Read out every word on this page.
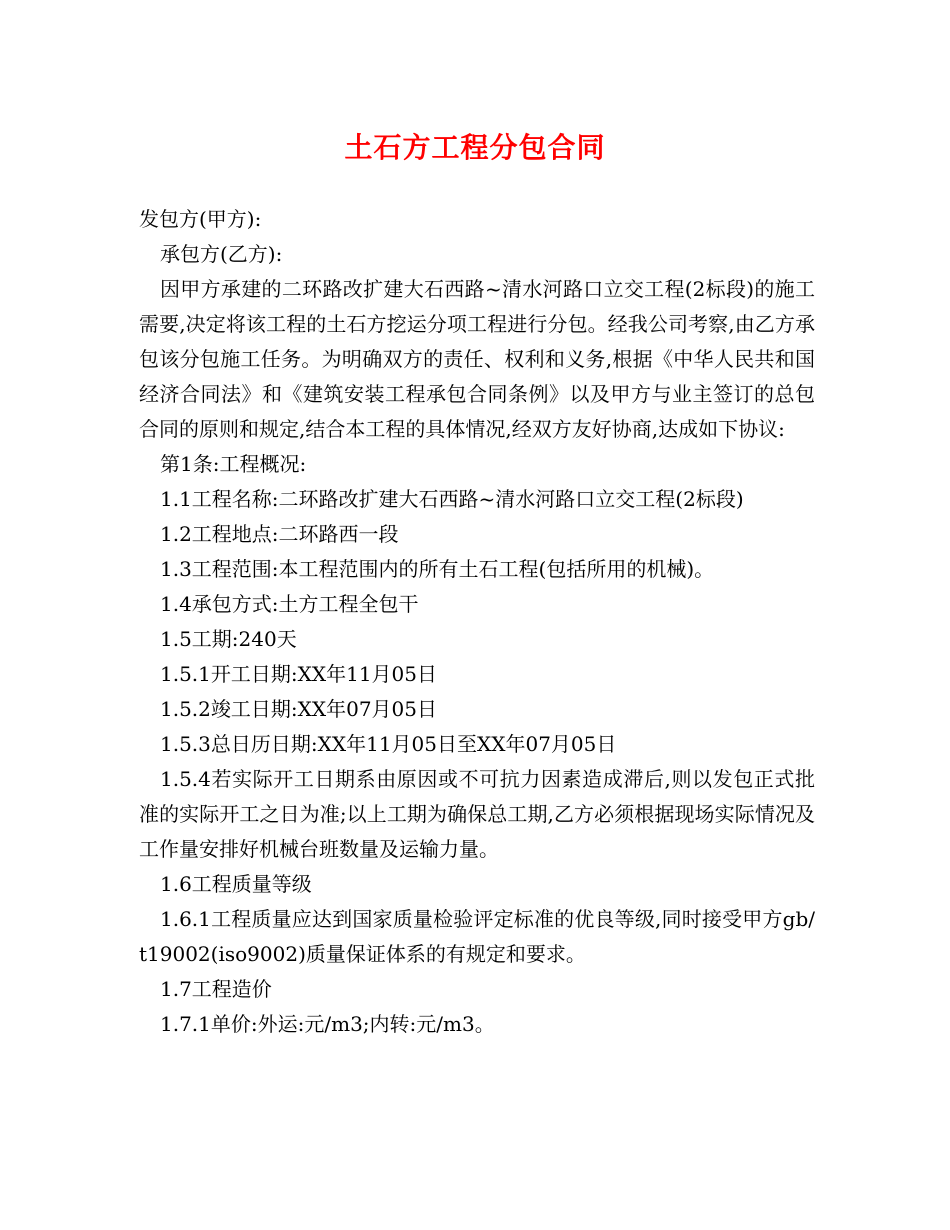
土石方工程分包合同

发包方(甲方):

承包方(乙方):

因甲方承建的二环路改扩建大石西路~清水河路口立交工程(2标段)的施工需要,决定将该工程的土石方挖运分项工程进行分包。经我公司考察,由乙方承包该分包施工任务。为明确双方的责任、权利和义务,根据《中华人民共和国经济合同法》和《建筑安装工程承包合同条例》以及甲方与业主签订的总包合同的原则和规定,结合本工程的具体情况,经双方友好协商,达成如下协议:

第1条:工程概况:

1.1工程名称:二环路改扩建大石西路~清水河路口立交工程(2标段)

1.2工程地点:二环路西一段

1.3工程范围:本工程范围内的所有土石工程(包括所用的机械)。

1.4承包方式:土方工程全包干

1.5工期:240天

1.5.1开工日期:XX年11月05日

1.5.2竣工日期:XX年07月05日

1.5.3总日历日期:XX年11月05日至XX年07月05日

1.5.4若实际开工日期系由原因或不可抗力因素造成滞后,则以发包正式批准的实际开工之日为准;以上工期为确保总工期,乙方必须根据现场实际情况及工作量安排好机械台班数量及运输力量。

1.6工程质量等级

1.6.1工程质量应达到国家质量检验评定标准的优良等级,同时接受甲方gb/t19002(iso9002)质量保证体系的有规定和要求。

1.7工程造价

1.7.1单价:外运:元/m3;内转:元/m3。
